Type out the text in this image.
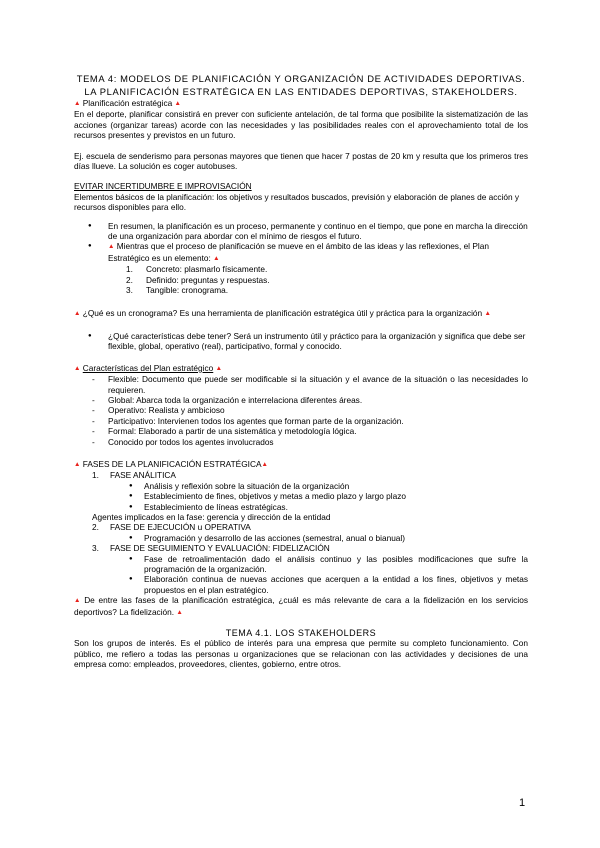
TEMA 4: MODELOS DE PLANIFICACIÓN Y ORGANIZACIÓN DE ACTIVIDADES DEPORTIVAS.

LA PLANIFICACIÓN ESTRATÉGICA EN LAS ENTIDADES DEPORTIVAS, STAKEHOLDERS.

▲ Planificación estratégica ▲

En el deporte, planificar consistirá en prever con suficiente antelación, de tal forma que posibilite la sistematización de las acciones (organizar tareas) acorde con las necesidades y las posibilidades reales con el aprovechamiento total de los recursos presentes y previstos en un futuro.

Ej. escuela de senderismo para personas mayores que tienen que hacer 7 postas de 20 km y resulta que los primeros tres días llueve. La solución es coger autobuses.

EVITAR INCERTIDUMBRE E IMPROVISACIÓN

Elementos básicos de la planificación: los objetivos y resultados buscados, previsión y elaboración de planes de acción y recursos disponibles para ello.

● En resumen, la planificación es un proceso, permanente y continuo en el tiempo, que pone en marcha la dirección de una organización para abordar con el mínimo de riesgos el futuro.
● ▲ Mientras que el proceso de planificación se mueve en el ámbito de las ideas y las reflexiones, el Plan Estratégico es un elemento: ▲
1. Concreto: plasmarlo físicamente.
2. Definido: preguntas y respuestas.
3. Tangible: cronograma.

▲ ¿Qué es un cronograma? Es una herramienta de planificación estratégica útil y práctica para la organización ▲

● ¿Qué características debe tener? Será un instrumento útil y práctico para la organización y significa que debe ser flexible, global, operativo (real), participativo, formal y conocido.

▲ Características del Plan estratégico ▲

- Flexible: Documento que puede ser modificable si la situación y el avance de la situación o las necesidades lo requieren.
- Global: Abarca toda la organización e interrelaciona diferentes áreas.
- Operativo: Realista y ambicioso
- Participativo: Intervienen todos los agentes que forman parte de la organización.
- Formal: Elaborado a partir de una sistemática y metodología lógica.
- Conocido por todos los agentes involucrados

▲ FASES DE LA PLANIFICACIÓN ESTRATÉGICA▲

1. FASE ANÁLITICA
● Análisis y reflexión sobre la situación de la organización
● Establecimiento de fines, objetivos y metas a medio plazo y largo plazo
● Establecimiento de líneas estratégicas.

Agentes implicados en la fase: gerencia y dirección de la entidad

2. FASE DE EJECUCIÓN u OPERATIVA
● Programación y desarrollo de las acciones (semestral, anual o bianual)
3. FASE DE SEGUIMIENTO Y EVALUACIÓN: FIDELIZACIÓN
● Fase de retroalimentación dado el análisis continuo y las posibles modificaciones que sufre la programación de la organización.
● Elaboración continua de nuevas acciones que acerquen a la entidad a los fines, objetivos y metas propuestos en el plan estratégico.

▲ De entre las fases de la planificación estratégica, ¿cuál es más relevante de cara a la fidelización en los servicios deportivos? La fidelización. ▲

TEMA 4.1. LOS STAKEHOLDERS

Son los grupos de interés. Es el público de interés para una empresa que permite su completo funcionamiento. Con público, me refiero a todas las personas u organizaciones que se relacionan con las actividades y decisiones de una empresa como: empleados, proveedores, clientes, gobierno, entre otros.

1
